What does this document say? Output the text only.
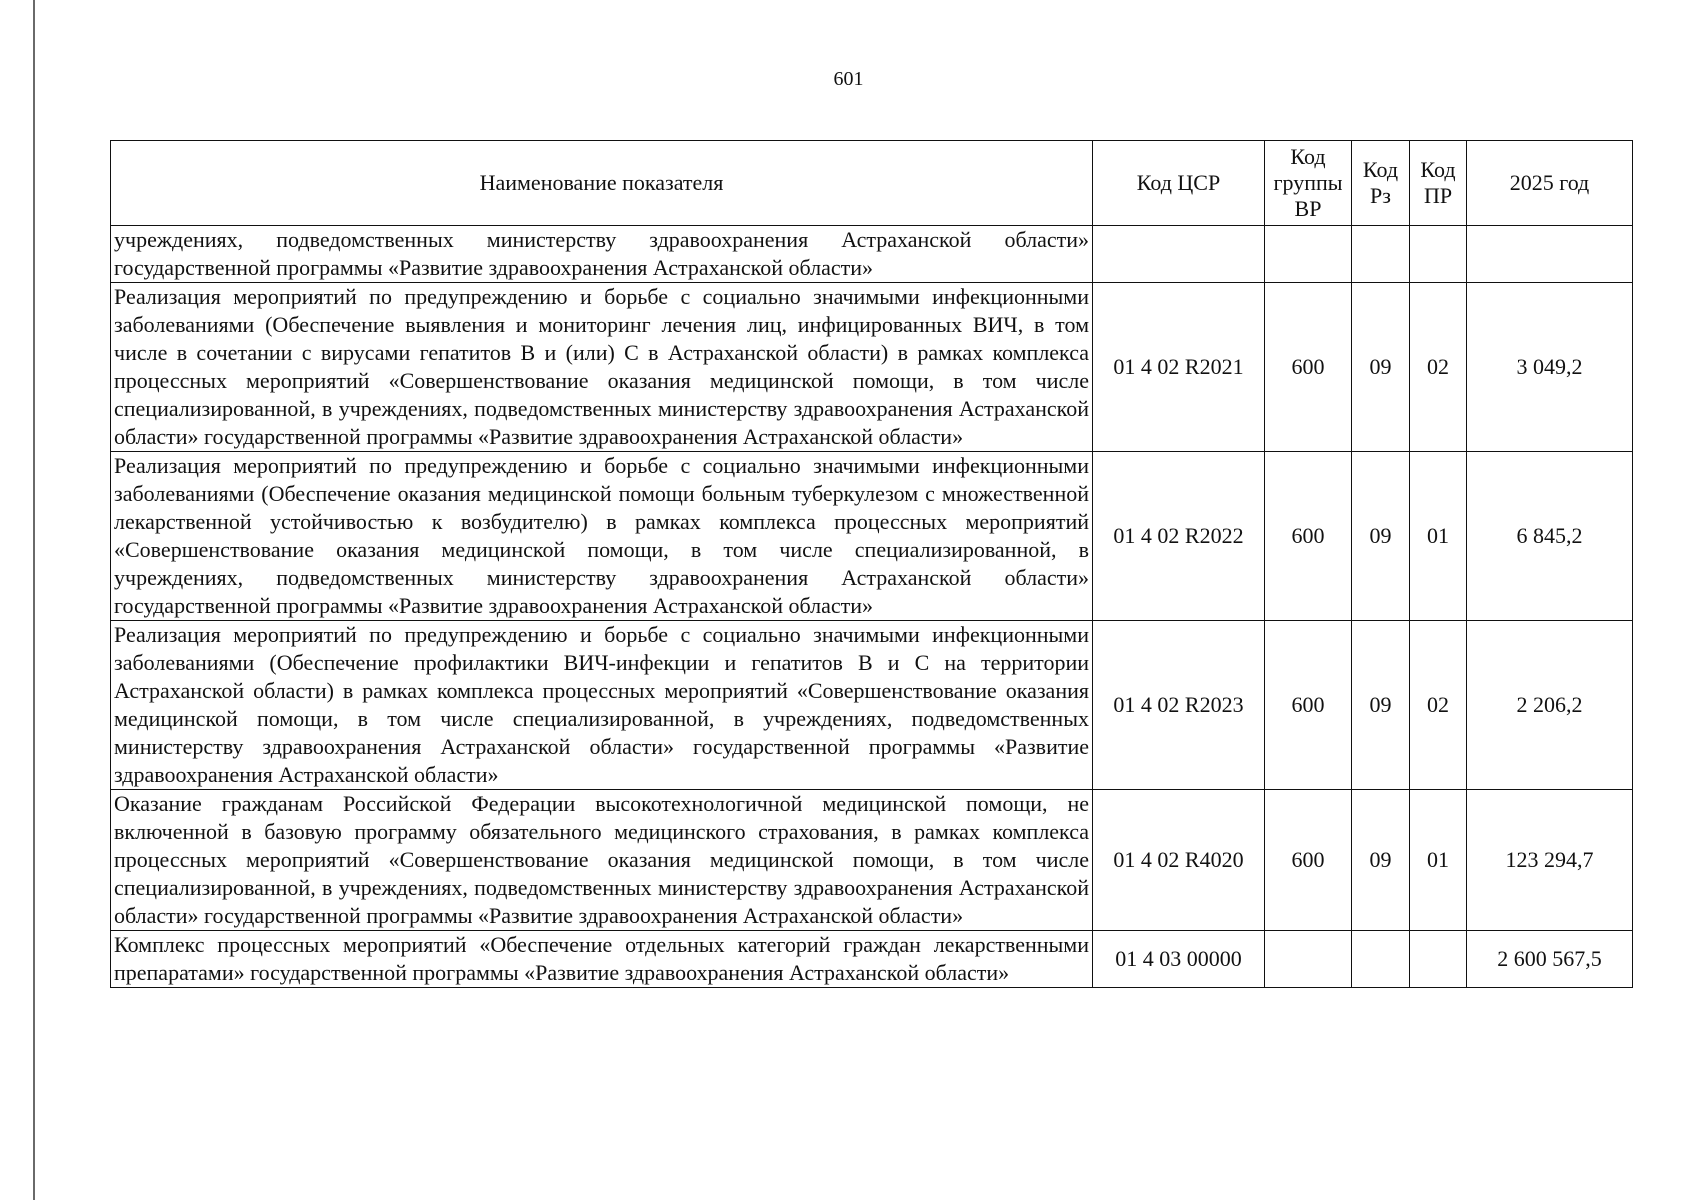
601
Наименование показателя	Код ЦСР	Код группы ВР	Код Рз	Код ПР	2025 год
учреждениях, подведомственных министерству здравоохранения Астраханской области» государственной программы «Развитие здравоохранения Астраханской области»					
Реализация мероприятий по предупреждению и борьбе с социально значимыми инфекционными заболеваниями (Обеспечение выявления и мониторинг лечения лиц, инфицированных ВИЧ, в том числе в сочетании с вирусами гепатитов B и (или) C в Астраханской области) в рамках комплекса процессных мероприятий «Совершенствование оказания медицинской помощи, в том числе специализированной, в учреждениях, подведомственных министерству здравоохранения Астраханской области» государственной программы «Развитие здравоохранения Астраханской области»	01 4 02 R2021	600	09	02	3 049,2
Реализация мероприятий по предупреждению и борьбе с социально значимыми инфекционными заболеваниями (Обеспечение оказания медицинской помощи больным туберкулезом с множественной лекарственной устойчивостью к возбудителю) в рамках комплекса процессных мероприятий «Совершенствование оказания медицинской помощи, в том числе специализированной, в учреждениях, подведомственных министерству здравоохранения Астраханской области» государственной программы «Развитие здравоохранения Астраханской области»	01 4 02 R2022	600	09	01	6 845,2
Реализация мероприятий по предупреждению и борьбе с социально значимыми инфекционными заболеваниями (Обеспечение профилактики ВИЧ-инфекции и гепатитов B и C на территории Астраханской области) в рамках комплекса процессных мероприятий «Совершенствование оказания медицинской помощи, в том числе специализированной, в учреждениях, подведомственных министерству здравоохранения Астраханской области» государственной программы «Развитие здравоохранения Астраханской области»	01 4 02 R2023	600	09	02	2 206,2
Оказание гражданам Российской Федерации высокотехнологичной медицинской помощи, не включенной в базовую программу обязательного медицинского страхования, в рамках комплекса процессных мероприятий «Совершенствование оказания медицинской помощи, в том числе специализированной, в учреждениях, подведомственных министерству здравоохранения Астраханской области» государственной программы «Развитие здравоохранения Астраханской области»	01 4 02 R4020	600	09	01	123 294,7
Комплекс процессных мероприятий «Обеспечение отдельных категорий граждан лекарственными препаратами» государственной программы «Развитие здравоохранения Астраханской области»	01 4 03 00000				2 600 567,5
